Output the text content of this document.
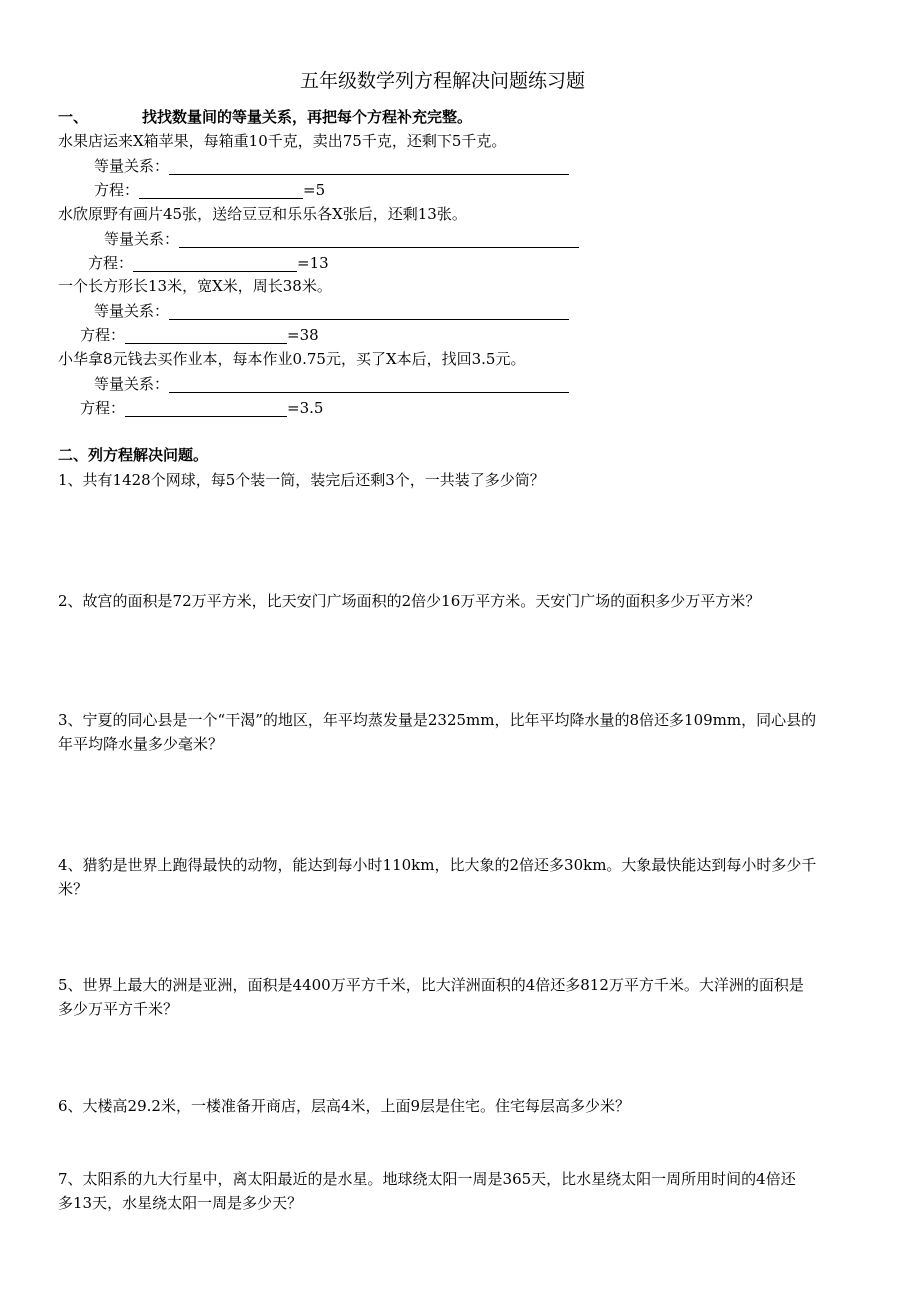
五年级数学列方程解决问题练习题
一、	找找数量间的等量关系，再把每个方程补充完整。
水果店运来X箱苹果，每箱重10千克，卖出75千克，还剩下5千克。
等量关系：
方程：	=5
水欣原野有画片45张，送给豆豆和乐乐各X张后，还剩13张。
等量关系：
方程：	=13
一个长方形长13米，宽X米，周长38米。
等量关系：
方程：	=38
小华拿8元钱去买作业本，每本作业0.75元，买了X本后，找回3.5元。
等量关系：
方程：	=3.5
二、列方程解决问题。
1、共有1428个网球，每5个装一筒，装完后还剩3个，一共装了多少筒？
2、故宫的面积是72万平方米，比天安门广场面积的2倍少16万平方米。天安门广场的面积多少万平方米？
3、宁夏的同心县是一个“干渴”的地区，年平均蒸发量是2325mm，比年平均降水量的8倍还多109mm，同心县的
年平均降水量多少毫米？
4、猎豹是世界上跑得最快的动物，能达到每小时110km，比大象的2倍还多30km。大象最快能达到每小时多少千
米？
5、世界上最大的洲是亚洲，面积是4400万平方千米，比大洋洲面积的4倍还多812万平方千米。大洋洲的面积是
多少万平方千米？
6、大楼高29.2米，一楼准备开商店，层高4米，上面9层是住宅。住宅每层高多少米？
7、太阳系的九大行星中，离太阳最近的是水星。地球绕太阳一周是365天，比水星绕太阳一周所用时间的4倍还
多13天，水星绕太阳一周是多少天？
